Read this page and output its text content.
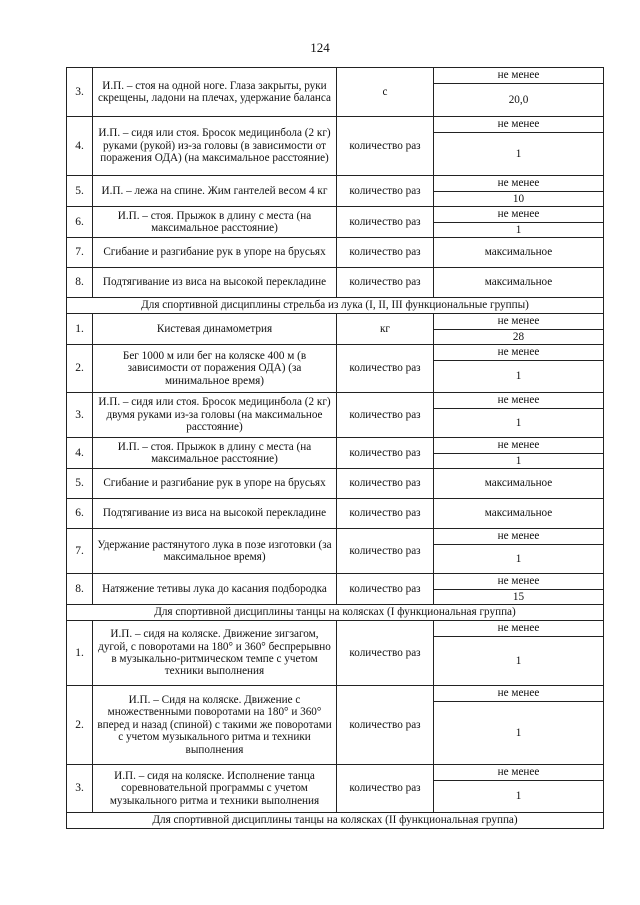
124
3.	И.П. – стоя на одной ноге. Глаза закрыты, руки скрещены, ладони на плечах, удержание баланса	с	не менее
20,0

4.	И.П. – сидя или стоя. Бросок медицинбола (2 кг) руками (рукой) из-за головы (в зависимости от поражения ОДА) (на максимальное расстояние)	количество раз	не менее
1

5.	И.П. – лежа на спине. Жим гантелей весом 4 кг	количество раз	не менее
10

6.	И.П. – стоя. Прыжок в длину с места (на максимальное расстояние)	количество раз	не менее
1

7.	Сгибание и разгибание рук в упоре на брусьях	количество раз	максимальное

8.	Подтягивание из виса на высокой перекладине	количество раз	максимальное

Для спортивной дисциплины стрельба из лука (I, II, III функциональные группы)			
1.	Кистевая динамометрия	кг	не менее
28

2.	Бег 1000 м или бег на коляске 400 м (в зависимости от поражения ОДА) (за минимальное время)	количество раз	не менее
1

3.	И.П. – сидя или стоя. Бросок медицинбола (2 кг) двумя руками из-за головы (на максимальное расстояние)	количество раз	не менее
1

4.	И.П. – стоя. Прыжок в длину с места (на максимальное расстояние)	количество раз	не менее
1

5.	Сгибание и разгибание рук в упоре на брусьях	количество раз	максимальное

6.	Подтягивание из виса на высокой перекладине	количество раз	максимальное

7.	Удержание растянутого лука в позе изготовки (за максимальное время)	количество раз	не менее
1

8.	Натяжение тетивы лука до касания подбородка	количество раз	не менее
15

Для спортивной дисциплины танцы на колясках (I функциональная группа)			
1.	И.П. – сидя на коляске. Движение зигзагом, дугой, с поворотами на 180° и 360° беспрерывно в музыкально-ритмическом темпе с учетом техники выполнения	количество раз	не менее
1

2.	И.П. – Сидя на коляске. Движение с множественными поворотами на 180° и 360° вперед и назад (спиной) с такими же поворотами с учетом музыкального ритма и техники выполнения	количество раз	не менее
1

3.	И.П. – сидя на коляске. Исполнение танца соревновательной программы с учетом музыкального ритма и техники выполнения	количество раз	не менее
1

Для спортивной дисциплины танцы на колясках (II функциональная группа)			
